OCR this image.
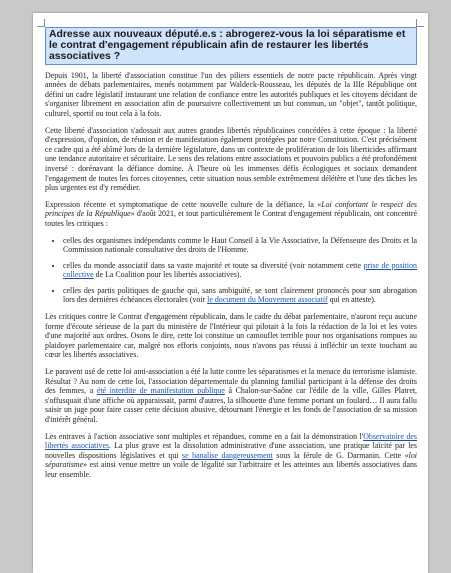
Adresse aux nouveaux député.e.s : abrogerez-vous la loi séparatisme et le contrat d'engagement républicain afin de restaurer les libertés associatives ?

Depuis 1901, la liberté d'association constitue l'un des piliers essentiels de notre pacte républicain. Après vingt années de débats parlementaires, menés notamment par Waldeck-Rousseau, les députés de la IIIe République ont défini un cadre législatif instaurant une relation de confiance entre les autorités publiques et les citoyens décidant de s'organiser librement en association afin de poursuivre collectivement un but commun, un "objet", tantôt politique, culturel, sportif ou tout cela à la fois.

Cette liberté d'association s'adossait aux autres grandes libertés républicaines concédées à cette époque : la liberté d'expression, d'opinion, de réunion et de manifestation également protégées par notre Constitution. C'est précisément ce cadre qui a été abîmé lors de la dernière législature, dans un contexte de prolifération de lois liberticides affirmant une tendance autoritaire et sécuritaire. Le sens des relations entre associations et pouvoirs publics a été profondément inversé : dorénavant la défiance domine. À l'heure où les immenses défis écologiques et sociaux demandent l'engagement de toutes les forces citoyennes, cette situation nous semble extrêmement délétère et l'une des tâches les plus urgentes est d'y remédier.

Expression récente et symptomatique de cette nouvelle culture de la défiance, la «Loi confortant le respect des principes de la République» d'août 2021, et tout particulièrement le Contrat d'engagement républicain, ont concentré toutes les critiques :

• celles des organismes indépendants comme le Haut Conseil à la Vie Associative, la Défenseure des Droits et la Commission nationale consultative des droits de l'Homme.
• celles du monde associatif dans sa vaste majorité et toute sa diversité (voir notamment cette prise de position collective de La Coalition pour les libertés associatives).
• celles des partis politiques de gauche qui, sans ambiguïté, se sont clairement prononcés pour son abrogation lors des dernières échéances électorales (voir le document du Mouvement associatif qui en atteste).

Les critiques contre le Contrat d'engagement républicain, dans le cadre du débat parlementaire, n'auront reçu aucune forme d'écoute sérieuse de la part du ministère de l'Intérieur qui pilotait à la fois la rédaction de la loi et les votes d'une majorité aux ordres. Osons le dire, cette loi constitue un camouflet terrible pour nos organisations rompues au plaidoyer parlementaire car, malgré nos efforts conjoints, nous n'avons pas réussi à infléchir un texte touchant au cœur les libertés associatives.

Le paravent usé de cette loi anti-association a été la lutte contre les séparatismes et la menace du terrorisme islamiste. Résultat ? Au nom de cette loi, l'association départementale du planning familial participant à la défense des droits des femmes, a été interdite de manifestation publique à Chalon-sur-Saône car l'édile de la ville, Gilles Platret, s'offusquait d'une affiche où apparaissait, parmi d'autres, la silhouette d'une femme portant un foulard… Il aura fallu saisir un juge pour faire casser cette décision abusive, détournant l'énergie et les fonds de l'association de sa mission d'intérêt général.

Les entraves à l'action associative sont multiples et répandues, comme en a fait la démonstration l'Observatoire des libertés associatives. La plus grave est la dissolution administrative d'une association, une pratique laïcité par les nouvelles dispositions législatives et qui se banalise dangereusement sous la férule de G. Darmanin. Cette «loi séparatisme» est ainsi venue mettre un voile de légalité sur l'arbitraire et les atteintes aux libertés associatives dans leur ensemble.
